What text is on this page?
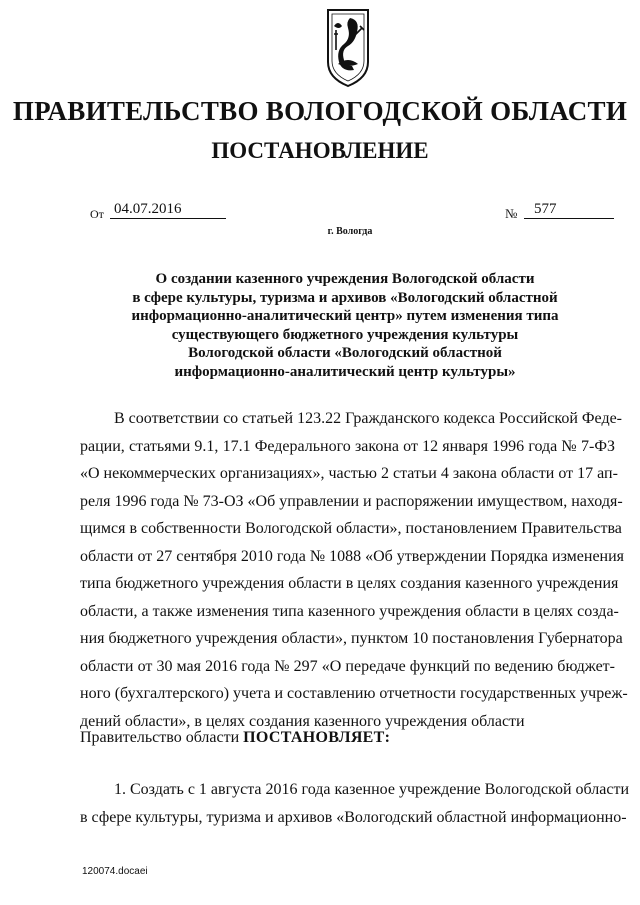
ПРАВИТЕЛЬСТВО ВОЛОГОДСКОЙ ОБЛАСТИ
ПОСТАНОВЛЕНИЕ
От 04.07.2016	№	577
г. Вологда
О создании казенного учреждения Вологодской области
в сфере культуры, туризма и архивов «Вологодский областной
информационно-аналитический центр» путем изменения типа
существующего бюджетного учреждения культуры
Вологодской области «Вологодский областной
информационно-аналитический центр культуры»
В соответствии со статьей 123.22 Гражданского кодекса Российской Феде-
рации, статьями 9.1, 17.1 Федерального закона от 12 января 1996 года № 7-ФЗ
«О некоммерческих организациях», частью 2 статьи 4 закона области от 17 ап-
реля 1996 года № 73-ОЗ «Об управлении и распоряжении имуществом, находя-
щимся в собственности Вологодской области», постановлением Правительства
области от 27 сентября 2010 года № 1088 «Об утверждении Порядка изменения
типа бюджетного учреждения области в целях создания казенного учреждения
области, а также изменения типа казенного учреждения области в целях созда-
ния бюджетного учреждения области», пунктом 10 постановления Губернатора
области от 30 мая 2016 года № 297 «О передаче функций по ведению бюджет-
ного (бухгалтерского) учета и составлению отчетности государственных учреж-
дений области», в целях создания казенного учреждения области
Правительство области ПОСТАНОВЛЯЕТ:
1. Создать с 1 августа 2016 года казенное учреждение Вологодской области
в сфере культуры, туризма и архивов «Вологодский областной информационно-
120074.docaei
